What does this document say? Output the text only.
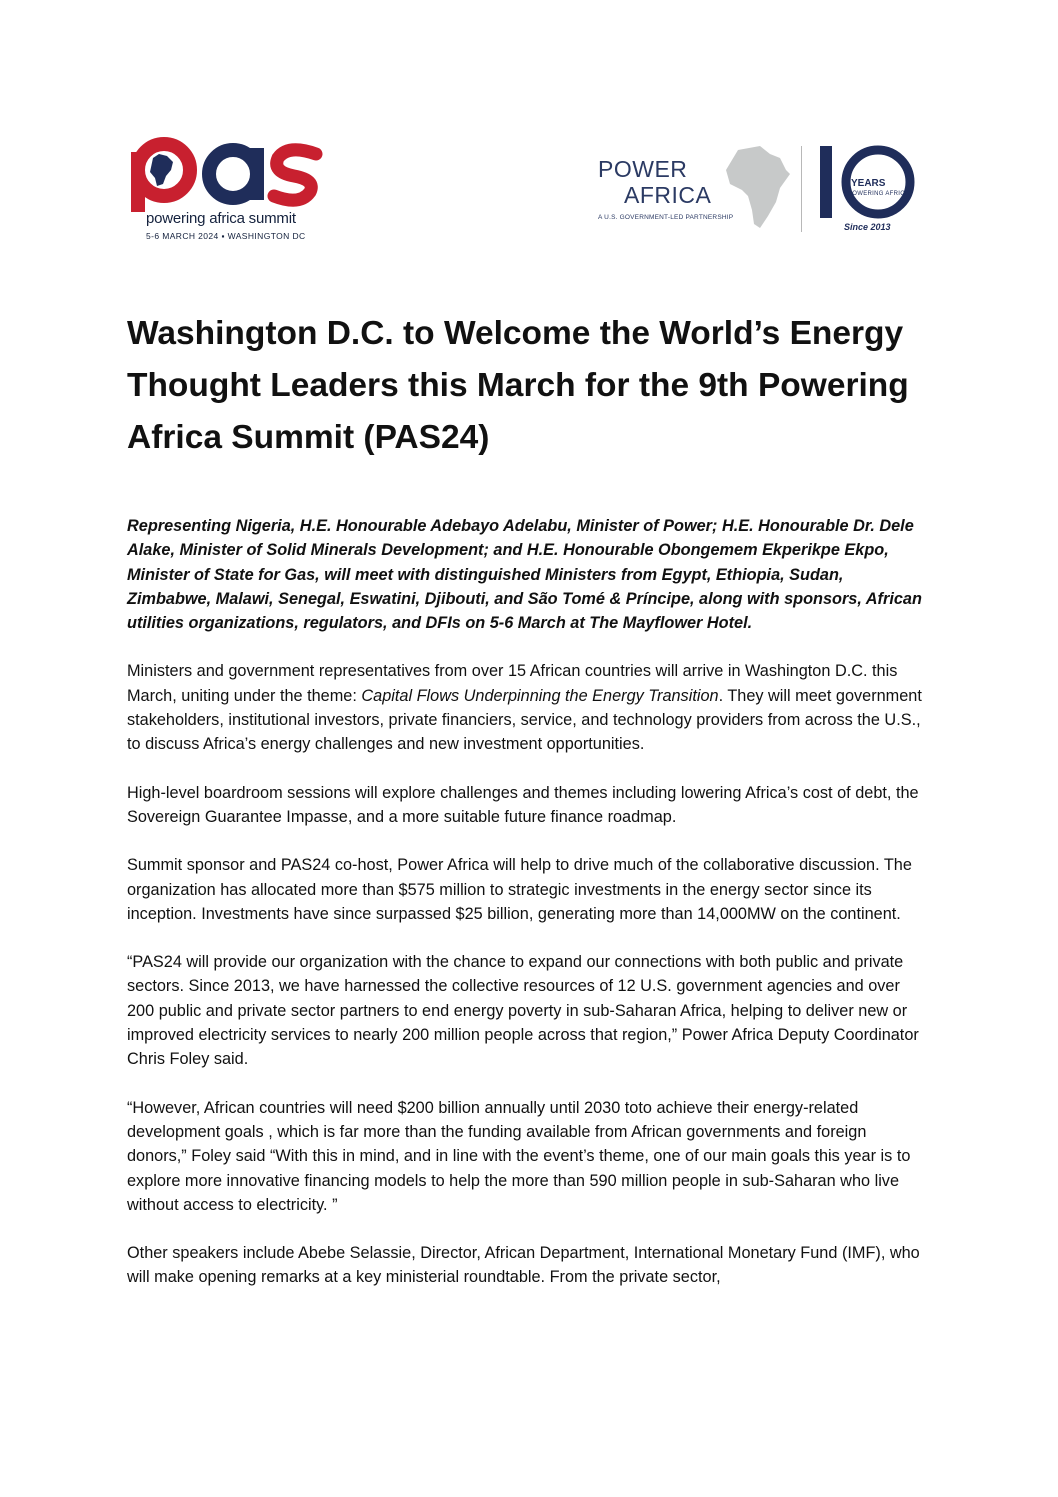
powering africa summit
5-6 MARCH 2024 ▪ WASHINGTON DC
POWER
AFRICA
A U.S. GOVERNMENT-LED PARTNERSHIP
YEARS
POWERING AFRICA
Since 2013
Washington D.C. to Welcome the World’s Energy Thought Leaders this March for the 9th Powering Africa Summit (PAS24)

Representing Nigeria, H.E. Honourable Adebayo Adelabu, Minister of Power; H.E. Honourable Dr. Dele Alake, Minister of Solid Minerals Development; and H.E. Honourable Obongemem Ekperikpe Ekpo, Minister of State for Gas, will meet with distinguished Ministers from Egypt, Ethiopia, Sudan, Zimbabwe, Malawi, Senegal, Eswatini, Djibouti, and São Tomé & Príncipe, along with sponsors, African utilities organizations, regulators, and DFIs on 5-6 March at The Mayflower Hotel.

Ministers and government representatives from over 15 African countries will arrive in Washington D.C. this March, uniting under the theme: Capital Flows Underpinning the Energy Transition. They will meet government stakeholders, institutional investors, private financiers, service, and technology providers from across the U.S., to discuss Africa’s energy challenges and new investment opportunities.

High-level boardroom sessions will explore challenges and themes including lowering Africa’s cost of debt, the Sovereign Guarantee Impasse, and a more suitable future finance roadmap.

Summit sponsor and PAS24 co-host, Power Africa will help to drive much of the collaborative discussion. The organization has allocated more than $575 million to strategic investments in the energy sector since its inception. Investments have since surpassed $25 billion, generating more than 14,000MW on the continent.

“PAS24 will provide our organization with the chance to expand our connections with both public and private sectors. Since 2013, we have harnessed the collective resources of 12 U.S. government agencies and over 200 public and private sector partners to end energy poverty in sub-Saharan Africa, helping to deliver new or improved electricity services to nearly 200 million people across that region,” Power Africa Deputy Coordinator Chris Foley said.

“However, African countries will need $200 billion annually until 2030 toto achieve their energy-related development goals , which is far more than the funding available from African governments and foreign donors,” Foley said “With this in mind, and in line with the event’s theme, one of our main goals this year is to explore more innovative financing models to help the more than 590 million people in sub-Saharan who live without access to electricity. ”

Other speakers include Abebe Selassie, Director, African Department, International Monetary Fund (IMF), who will make opening remarks at a key ministerial roundtable. From the private sector,
